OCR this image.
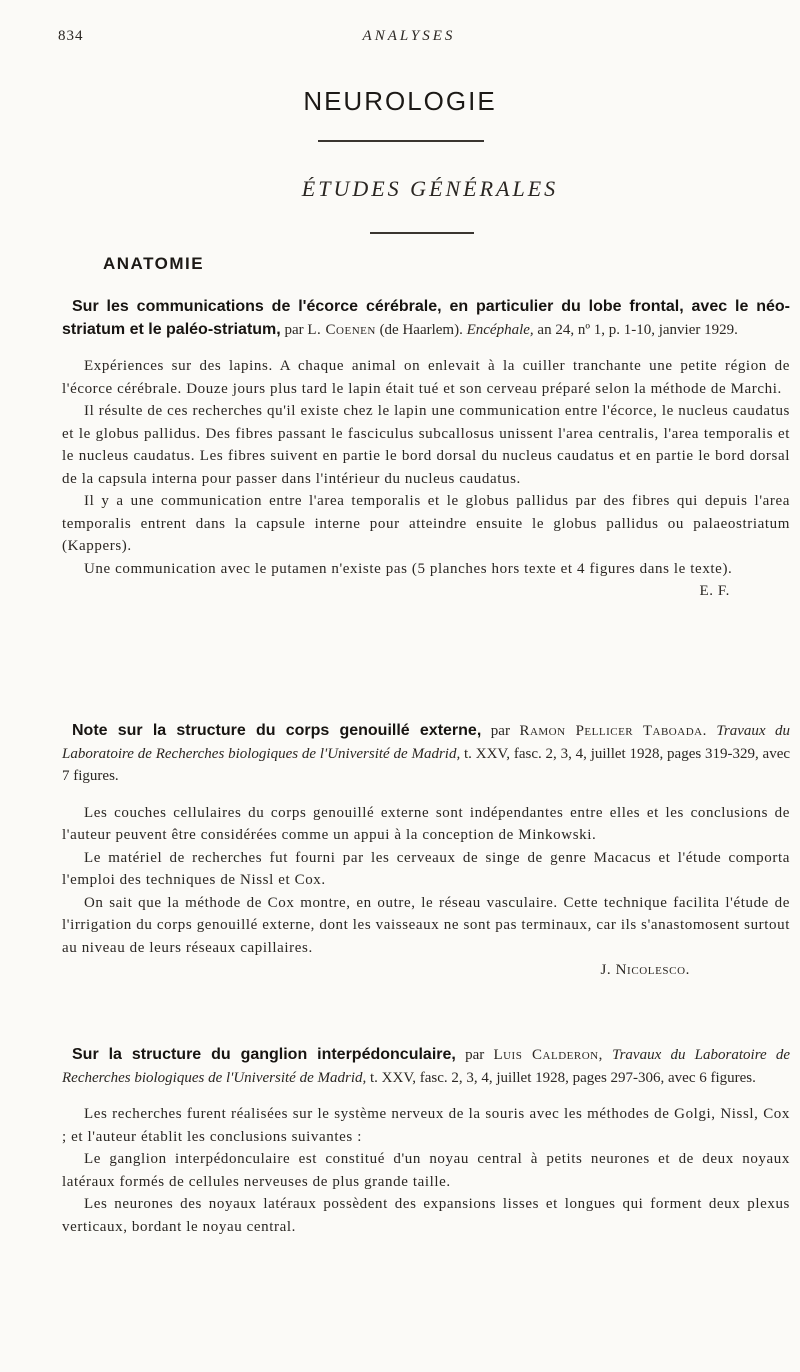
834	ANALYSES
NEUROLOGIE
ÉTUDES GÉNÉRALES
ANATOMIE

Sur les communications de l'écorce cérébrale, en particulier du lobe frontal, avec le néo-striatum et le paléo-striatum, par L. Coenen (de Haarlem). Encéphale, an 24, nº 1, p. 1-10, janvier 1929.

Expériences sur des lapins. A chaque animal on enlevait à la cuiller tranchante une petite région de l'écorce cérébrale. Douze jours plus tard le lapin était tué et son cerveau préparé selon la méthode de Marchi.

Il résulte de ces recherches qu'il existe chez le lapin une communication entre l'écorce, le nucleus caudatus et le globus pallidus. Des fibres passant le fasciculus subcallosus unissent l'area centralis, l'area temporalis et le nucleus caudatus. Les fibres suivent en partie le bord dorsal du nucleus caudatus et en partie le bord dorsal de la capsula interna pour passer dans l'intérieur du nucleus caudatus.

Il y a une communication entre l'area temporalis et le globus pallidus par des fibres qui depuis l'area temporalis entrent dans la capsule interne pour atteindre ensuite le globus pallidus ou palaeostriatum (Kappers).

Une communication avec le putamen n'existe pas (5 planches hors texte et 4 figures dans le texte).
E. F.

Note sur la structure du corps genouillé externe, par Ramon Pellicer Taboada. Travaux du Laboratoire de Recherches biologiques de l'Université de Madrid, t. XXV, fasc. 2, 3, 4, juillet 1928, pages 319-329, avec 7 figures.

Les couches cellulaires du corps genouillé externe sont indépendantes entre elles et les conclusions de l'auteur peuvent être considérées comme un appui à la conception de Minkowski.

Le matériel de recherches fut fourni par les cerveaux de singe de genre Macacus et l'étude comporta l'emploi des techniques de Nissl et Cox.

On sait que la méthode de Cox montre, en outre, le réseau vasculaire. Cette technique facilita l'étude de l'irrigation du corps genouillé externe, dont les vaisseaux ne sont pas terminaux, car ils s'anastomosent surtout au niveau de leurs réseaux capillaires.

J. Nicolesco.

Sur la structure du ganglion interpédonculaire, par Luis Calderon, Travaux du Laboratoire de Recherches biologiques de l'Université de Madrid, t. XXV, fasc. 2, 3, 4, juillet 1928, pages 297-306, avec 6 figures.

Les recherches furent réalisées sur le système nerveux de la souris avec les méthodes de Golgi, Nissl, Cox ; et l'auteur établit les conclusions suivantes :

Le ganglion interpédonculaire est constitué d'un noyau central à petits neurones et de deux noyaux latéraux formés de cellules nerveuses de plus grande taille.

Les neurones des noyaux latéraux possèdent des expansions lisses et longues qui forment deux plexus verticaux, bordant le noyau central.
